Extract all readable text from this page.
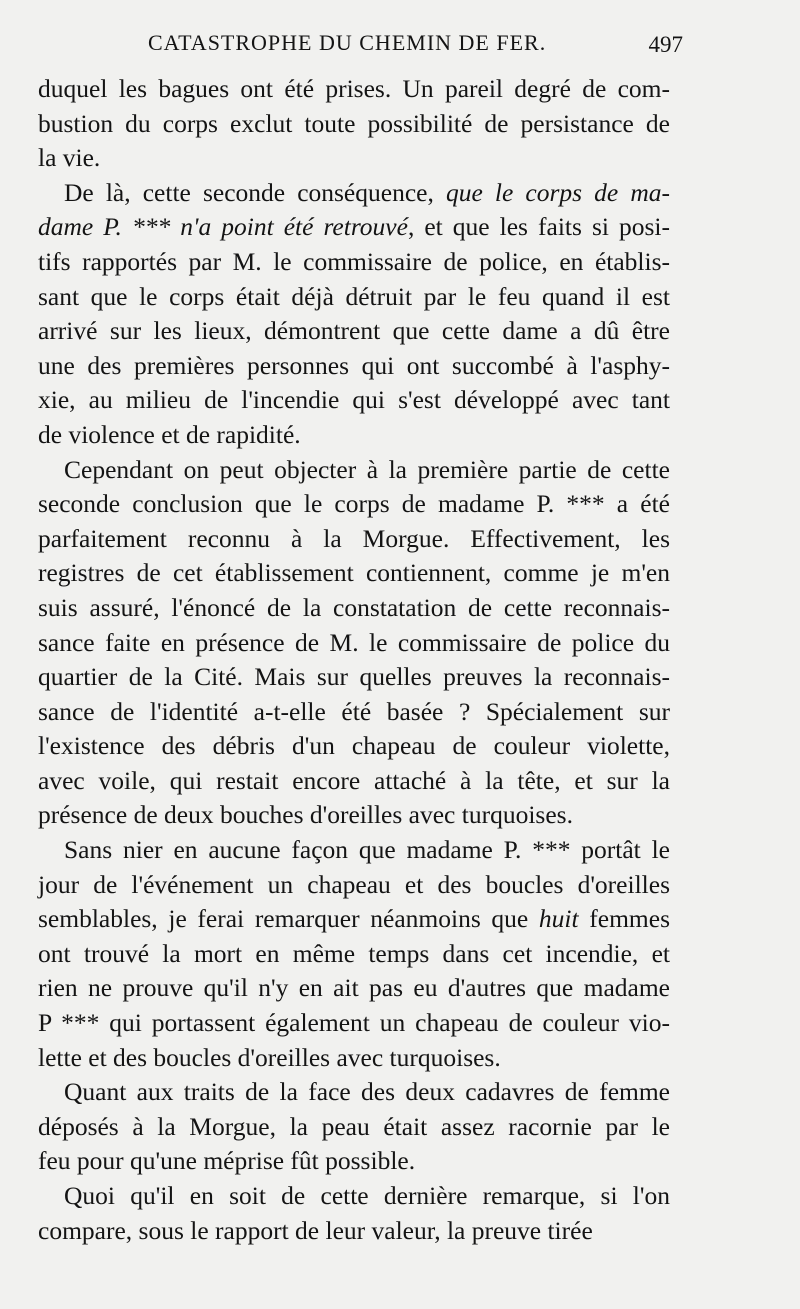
CATASTROPHE DU CHEMIN DE FER.	497
duquel les bagues ont été prises. Un pareil degré de com-
bustion du corps exclut toute possibilité de persistance de
la vie.
De là, cette seconde conséquence, que le corps de ma-
dame P. *** n'a point été retrouvé, et que les faits si posi-
tifs rapportés par M. le commissaire de police, en établis-
sant que le corps était déjà détruit par le feu quand il est
arrivé sur les lieux, démontrent que cette dame a dû être
une des premières personnes qui ont succombé à l'asphy-
xie, au milieu de l'incendie qui s'est développé avec tant
de violence et de rapidité.
Cependant on peut objecter à la première partie de cette
seconde conclusion que le corps de madame P. *** a été
parfaitement reconnu à la Morgue. Effectivement, les
registres de cet établissement contiennent, comme je m'en
suis assuré, l'énoncé de la constatation de cette reconnais-
sance faite en présence de M. le commissaire de police du
quartier de la Cité. Mais sur quelles preuves la reconnais-
sance de l'identité a-t-elle été basée ? Spécialement sur
l'existence des débris d'un chapeau de couleur violette,
avec voile, qui restait encore attaché à la tête, et sur la
présence de deux bouches d'oreilles avec turquoises.
Sans nier en aucune façon que madame P. *** portât le
jour de l'événement un chapeau et des boucles d'oreilles
semblables, je ferai remarquer néanmoins que huit femmes
ont trouvé la mort en même temps dans cet incendie, et
rien ne prouve qu'il n'y en ait pas eu d'autres que madame
P *** qui portassent également un chapeau de couleur vio-
lette et des boucles d'oreilles avec turquoises.
Quant aux traits de la face des deux cadavres de femme
déposés à la Morgue, la peau était assez racornie par le
feu pour qu'une méprise fût possible.
Quoi qu'il en soit de cette dernière remarque, si l'on
compare, sous le rapport de leur valeur, la preuve tirée
